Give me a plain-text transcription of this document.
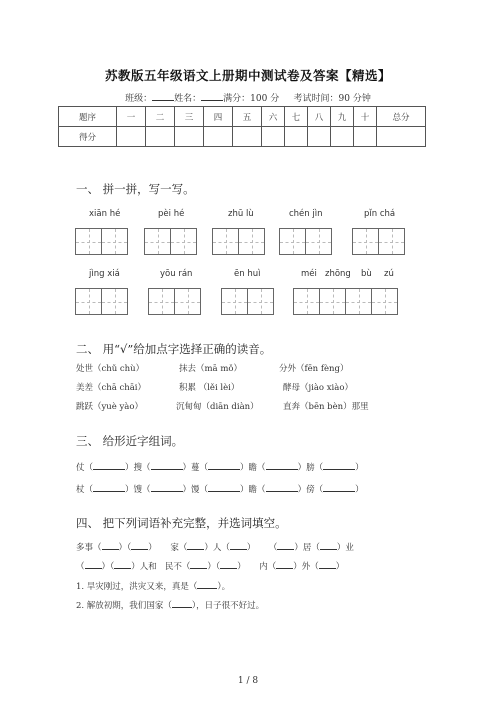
苏教版五年级语文上册期中测试卷及答案【精选】
班级： 姓名： 满分：100 分 考试时间：90 分钟
题序	一	二	三	四	五	六	七	八	九	十	总分
得分											
一、 拼一拼，写一写。
xiān hé	pèi hé	zhū lù	chén jìn	pǐn chá
jìng xiá	yōu rán	ēn huì	méi zhōng bù zú
二、 用“√”给加点字选择正确的读音。
处世（chǔ chù）	抹去（mā mǒ）	分外（fēn fèng）
美差（chā chāi）	积累 （lěi lèi）	酵母（jiào xiào）
跳跃（yuè yào）	沉甸甸（diān diàn）	直奔（bēn bèn）那里
三、 给形近字组词。
仗（	）搜（	）蔓（	）瞻（	）膀（	）
杖（	）馊（	）馒（	）瞻（	）傍（	）
四、 把下列词语补充完整，并选词填空。
多事（ ）（ ） 家（ ）人（ ） （ ）居（ ）业
（ ）（ ）人和 民不（ ）（ ） 内（ ）外（ ）
1. 旱灾刚过，洪灾又来，真是（ ）。
2. 解放初期，我们国家（ ），日子很不好过。
1 / 8
